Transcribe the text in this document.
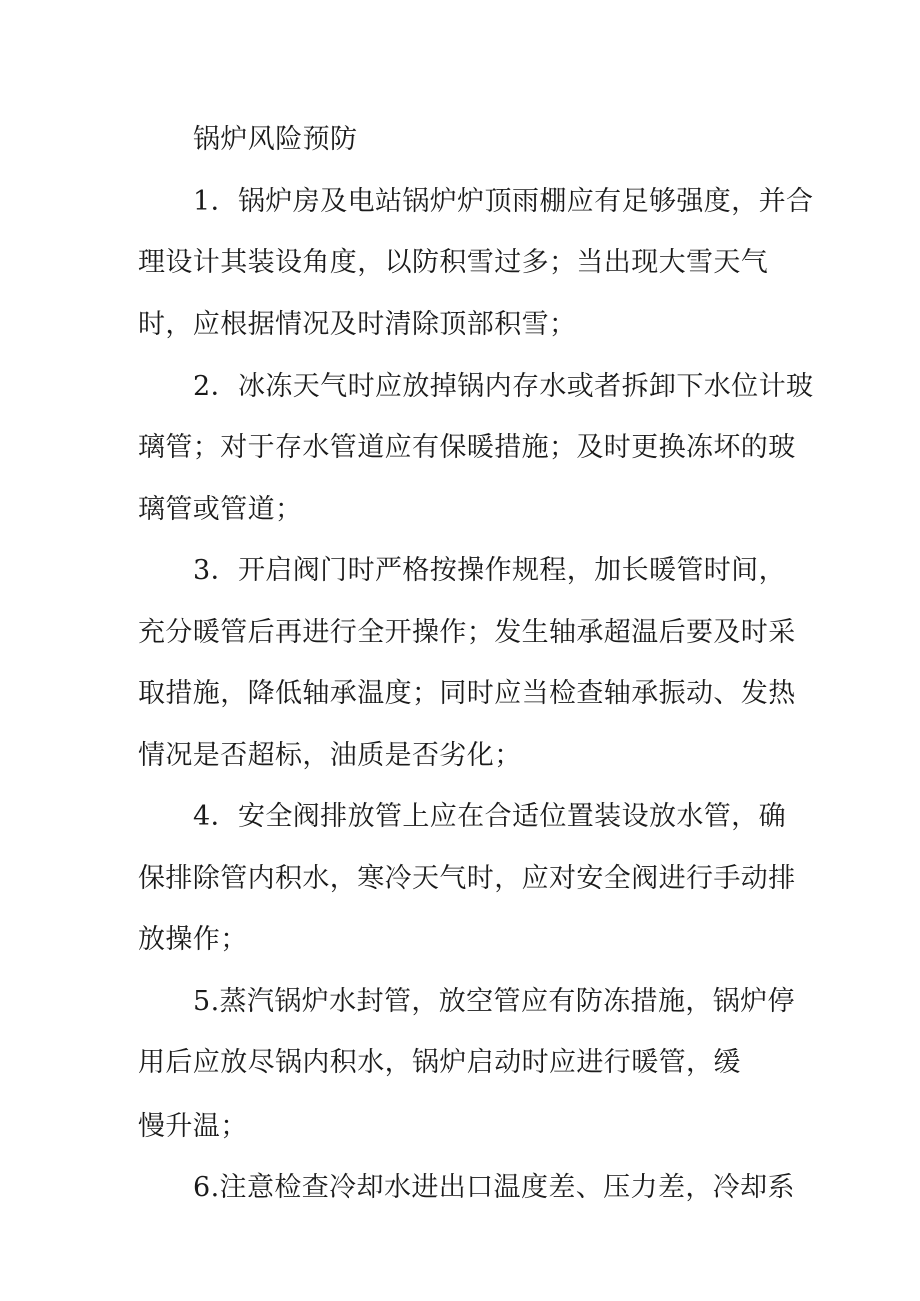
锅炉风险预防

1．锅炉房及电站锅炉炉顶雨棚应有足够强度，并合

理设计其装设角度，以防积雪过多；当出现大雪天气

时，应根据情况及时清除顶部积雪；

2．冰冻天气时应放掉锅内存水或者拆卸下水位计玻

璃管；对于存水管道应有保暖措施；及时更换冻坏的玻

璃管或管道；

3．开启阀门时严格按操作规程，加长暖管时间，

充分暖管后再进行全开操作；发生轴承超温后要及时采

取措施，降低轴承温度；同时应当检查轴承振动、发热

情况是否超标，油质是否劣化；

4．安全阀排放管上应在合适位置装设放水管，确

保排除管内积水，寒冷天气时，应对安全阀进行手动排

放操作；

5.蒸汽锅炉水封管，放空管应有防冻措施，锅炉停

用后应放尽锅内积水，锅炉启动时应进行暖管，缓

慢升温；

6.注意检查冷却水进出口温度差、压力差，冷却系
